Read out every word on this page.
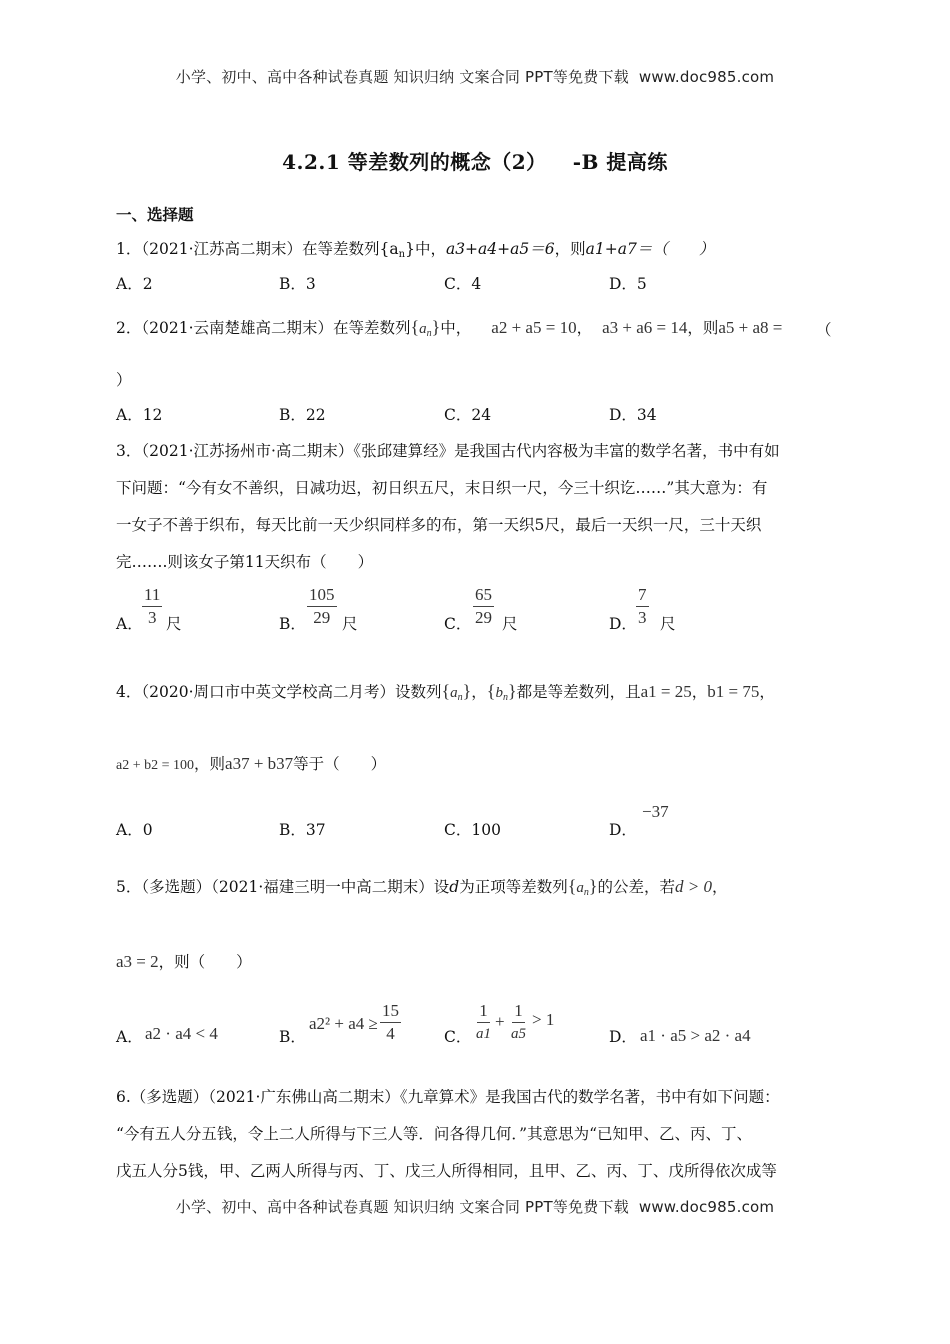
小学、初中、高中各种试卷真题 知识归纳 文案合同 PPT等免费下载 www.doc985.com
4.2.1 等差数列的概念（2） -B 提高练
一、选择题
1．（2021·江苏高二期末）在等差数列$\{a_n\}$中，a3+a4+a5＝6，则a1+a7＝（　　）
A．2	B．3	C．4	D．5
2．（2021·云南楚雄高二期末）在等差数列$\{a_n\}$中， a2 + a5 = 10， a3 + a6 = 14，则a5 + a8 = （
）
A．12	B．22	C．24	D．34
3．（2021·江苏扬州市·高二期末）《张邱建算经》是我国古代内容极为丰富的数学名著，书中有如
下问题：“今有女不善织，日减功迟，初日织五尺，末日织一尺，今三十织讫……”其大意为：有
一女子不善于织布，每天比前一天少织同样多的布，第一天织5尺，最后一天织一尺，三十天织
完…….则该女子第11天织布（　　）
A． $\frac{11}{3}$ 尺	B． $\frac{105}{29}$ 尺	C． $\frac{65}{29}$ 尺	D． $\frac{7}{3}$ 尺
4．（2020·周口市中英文学校高二月考）设数列$\{a_n\}$，$\{b_n\}$都是等差数列，且a1 = 25，b1 = 75，
a2 + b2 = 100，则a37 + b37等于（　　）
A．0	B．37	C．100	D．
−37
5．（多选题）（2021·福建三明一中高二期末）设d为正项等差数列$\{a_n\}$的公差，若d > 0，
a3 = 2，则（　　）
A． a2 · a4 < 4	B．
$a2^2 + a4 \ge \frac{15}{4}$	C． $\frac{1}{a1} + \frac{1}{a5} > 1$
D． a1 · a5 > a2 · a4
6.（多选题）（2021·广东佛山高二期末）《九章算术》是我国古代的数学名著，书中有如下问题：
“今有五人分五钱，令上二人所得与下三人等．问各得几何．”其意思为“已知甲、乙、丙、丁、
戊五人分5钱，甲、乙两人所得与丙、丁、戊三人所得相同，且甲、乙、丙、丁、戊所得依次成等
小学、初中、高中各种试卷真题 知识归纳 文案合同 PPT等免费下载 www.doc985.com
